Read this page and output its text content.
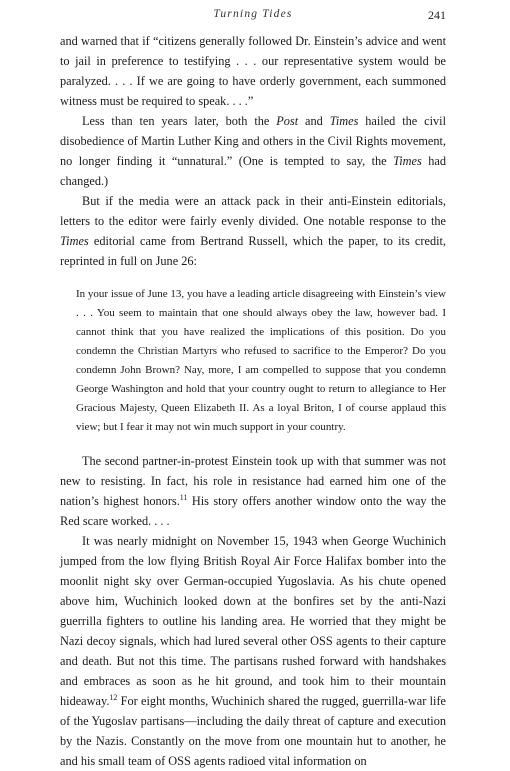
Turning Tides	241

and warned that if “citizens generally followed Dr. Einstein’s advice and went to jail in preference to testifying . . . our representative system would be paralyzed. . . . If we are going to have orderly government, each summoned witness must be required to speak. . . .”

Less than ten years later, both the Post and Times hailed the civil disobedience of Martin Luther King and others in the Civil Rights movement, no longer finding it “unnatural.” (One is tempted to say, the Times had changed.)

But if the media were an attack pack in their anti-Einstein editorials, letters to the editor were fairly evenly divided. One notable response to the Times editorial came from Bertrand Russell, which the paper, to its credit, reprinted in full on June 26:

In your issue of June 13, you have a leading article disagreeing with Einstein’s view . . . You seem to maintain that one should always obey the law, however bad. I cannot think that you have realized the implications of this position. Do you condemn the Christian Martyrs who refused to sacrifice to the Emperor? Do you condemn John Brown? Nay, more, I am compelled to suppose that you condemn George Washington and hold that your country ought to return to allegiance to Her Gracious Majesty, Queen Elizabeth II. As a loyal Briton, I of course applaud this view; but I fear it may not win much support in your country.

The second partner-in-protest Einstein took up with that summer was not new to resisting. In fact, his role in resistance had earned him one of the nation’s highest honors.$^{11}$ His story offers another window onto the way the Red scare worked. . . .

It was nearly midnight on November 15, 1943 when George Wuchinich jumped from the low flying British Royal Air Force Halifax bomber into the moonlit night sky over German-occupied Yugoslavia. As his chute opened above him, Wuchinich looked down at the bonfires set by the anti-Nazi guerrilla fighters to outline his landing area. He worried that they might be Nazi decoy signals, which had lured several other OSS agents to their capture and death. But not this time. The partisans rushed forward with handshakes and embraces as soon as he hit ground, and took him to their mountain hideaway.$^{12}$ For eight months, Wuchinich shared the rugged, guerrilla-war life of the Yugoslav partisans—including the daily threat of capture and execution by the Nazis. Constantly on the move from one mountain hut to another, he and his small team of OSS agents radioed vital information on
